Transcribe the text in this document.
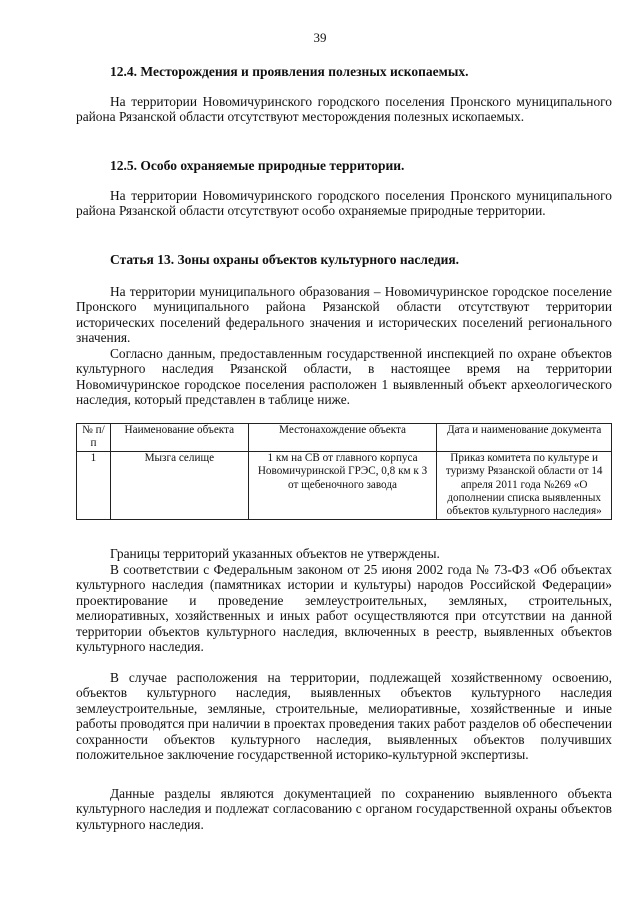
39
12.4. Месторождения и проявления полезных ископаемых.

На территории Новомичуринского городского поселения Пронского муниципального района Рязанской области отсутствуют месторождения полезных ископаемых.

12.5. Особо охраняемые природные территории.

На территории Новомичуринского городского поселения Пронского муниципального района Рязанской области отсутствуют особо охраняемые природные территории.

Статья 13. Зоны охраны объектов культурного наследия.

На территории муниципального образования – Новомичуринское городское поселение Пронского муниципального района Рязанской области отсутствуют территории исторических поселений федерального значения и исторических поселений регионального значения.

Согласно данным, предоставленным государственной инспекцией по охране объектов культурного наследия Рязанской области, в настоящее время на территории Новомичуринское городское поселения расположен 1 выявленный объект археологического наследия, который представлен в таблице ниже.

№ п/п	Наименование объекта	Местонахождение объекта	Дата и наименование документа
1	Мызга селище	1 км на СВ от главного корпуса Новомичуринской ГРЭС, 0,8 км к З от щебеночного завода	Приказ комитета по культуре и туризму Рязанской области от 14 апреля 2011 года №269 «О дополнении списка выявленных объектов культурного наследия»

Границы территорий указанных объектов не утверждены.

В соответствии с Федеральным законом от 25 июня 2002 года № 73-ФЗ «Об объектах культурного наследия (памятниках истории и культуры) народов Российской Федерации» проектирование и проведение землеустроительных, земляных, строительных, мелиоративных, хозяйственных и иных работ осуществляются при отсутствии на данной территории объектов культурного наследия, включенных в реестр, выявленных объектов культурного наследия.

В случае расположения на территории, подлежащей хозяйственному освоению, объектов культурного наследия, выявленных объектов культурного наследия землеустроительные, земляные, строительные, мелиоративные, хозяйственные и иные работы проводятся при наличии в проектах проведения таких работ разделов об обеспечении сохранности объектов культурного наследия, выявленных объектов получивших положительное заключение государственной историко-культурной экспертизы.

Данные разделы являются документацией по сохранению выявленного объекта культурного наследия и подлежат согласованию с органом государственной охраны объектов культурного наследия.
